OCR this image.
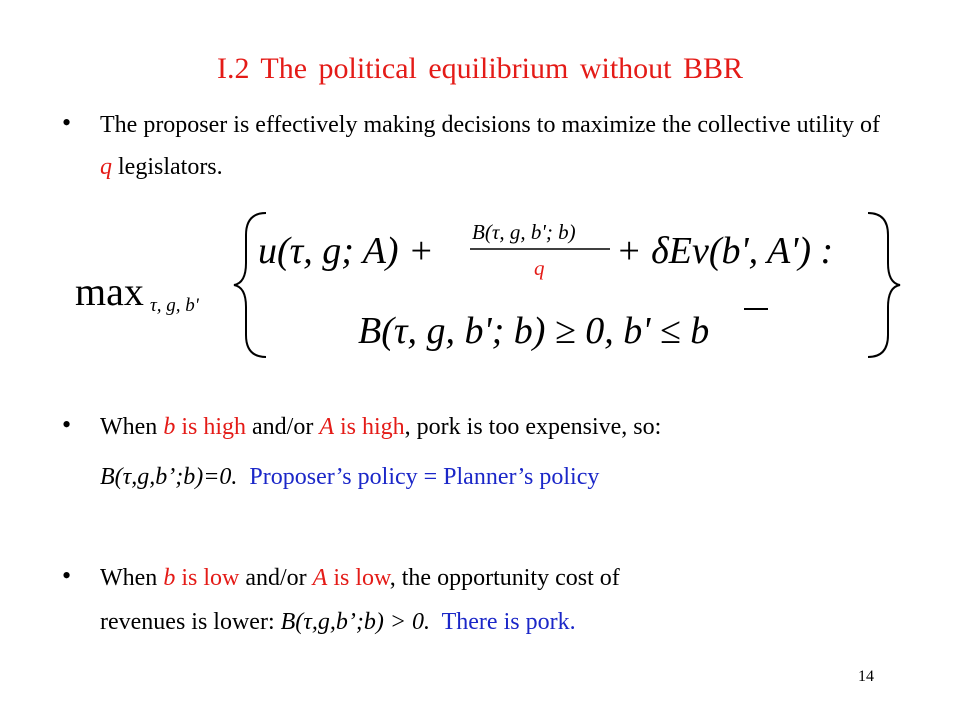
I.2 The political equilibrium without BBR
• The proposer is effectively making decisions to maximize the collective utility of q legislators.
max τ, g, b'
u(τ, g; A) + B(τ, g, b'; b)
q + δEv(b', A') :
B(τ, g, b'; b) ≥ 0, b' ≤ b
• When b is high and/or A is high, pork is too expensive, so:
B(τ,g,b’;b)=0. Proposer’s policy = Planner’s policy
• When b is low and/or A is low, the opportunity cost of
revenues is lower: B(τ,g,b’;b) > 0. There is pork.
14
